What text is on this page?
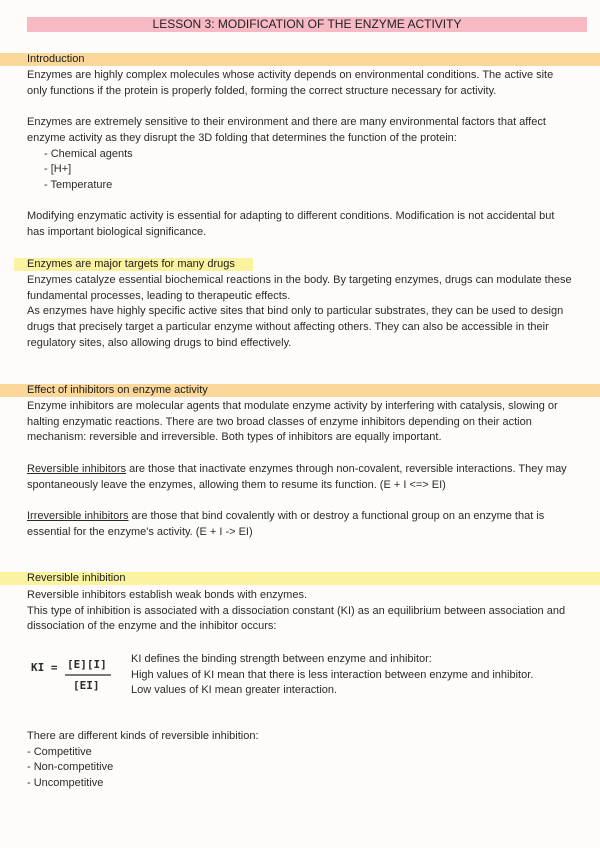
LESSON 3: MODIFICATION OF THE ENZYME ACTIVITY
Introduction

Enzymes are highly complex molecules whose activity depends on environmental conditions. The active site only functions if the protein is properly folded, forming the correct structure necessary for activity.

Enzymes are extremely sensitive to their environment and there are many environmental factors that affect enzyme activity as they disrupt the 3D folding that determines the function of the protein:

- Chemical agents
- [H+]
- Temperature

Modifying enzymatic activity is essential for adapting to different conditions. Modification is not accidental but has important biological significance.

Enzymes are major targets for many drugs

Enzymes catalyze essential biochemical reactions in the body. By targeting enzymes, drugs can modulate these fundamental processes, leading to therapeutic effects.

As enzymes have highly specific active sites that bind only to particular substrates, they can be used to design drugs that precisely target a particular enzyme without affecting others. They can also be accessible in their regulatory sites, also allowing drugs to bind effectively.

Effect of inhibitors on enzyme activity

Enzyme inhibitors are molecular agents that modulate enzyme activity by interfering with catalysis, slowing or halting enzymatic reactions. There are two broad classes of enzyme inhibitors depending on their action mechanism: reversible and irreversible. Both types of inhibitors are equally important.

Reversible inhibitors are those that inactivate enzymes through non-covalent, reversible interactions. They may spontaneously leave the enzymes, allowing them to resume its function. (E + I <=> EI)

Irreversible inhibitors are those that bind covalently with or destroy a functional group on an enzyme that is essential for the enzyme's activity. (E + I -> EI)

Reversible inhibition

Reversible inhibitors establish weak bonds with enzymes.

This type of inhibition is associated with a dissociation constant (KI) as an equilibrium between association and dissociation of the enzyme and the inhibitor occurs:

KI = [E][I]
[EI]

KI defines the binding strength between enzyme and inhibitor:

High values of KI mean that there is less interaction between enzyme and inhibitor.

Low values of KI mean greater interaction.

There are different kinds of reversible inhibition:

- Competitive
- Non-competitive
- Uncompetitive
